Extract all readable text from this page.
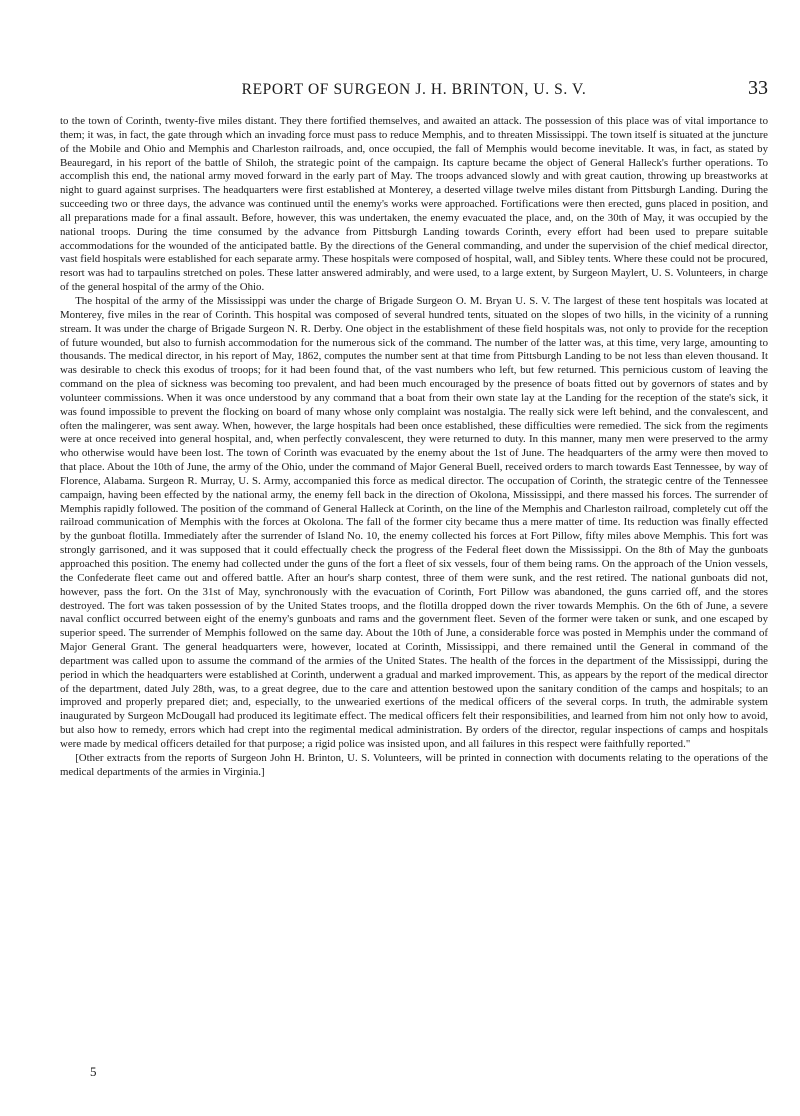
REPORT OF SURGEON J. H. BRINTON, U. S. V.	33

to the town of Corinth, twenty-five miles distant. They there fortified themselves, and awaited an attack. The possession of this place was of vital importance to them; it was, in fact, the gate through which an invading force must pass to reduce Memphis, and to threaten Mississippi. The town itself is situated at the juncture of the Mobile and Ohio and Memphis and Charleston railroads, and, once occupied, the fall of Memphis would become inevitable. It was, in fact, as stated by Beauregard, in his report of the battle of Shiloh, the strategic point of the campaign. Its capture became the object of General Halleck's further operations. To accomplish this end, the national army moved forward in the early part of May. The troops advanced slowly and with great caution, throwing up breastworks at night to guard against surprises. The headquarters were first established at Monterey, a deserted village twelve miles distant from Pittsburgh Landing. During the succeeding two or three days, the advance was continued until the enemy's works were approached. Fortifications were then erected, guns placed in position, and all preparations made for a final assault. Before, however, this was undertaken, the enemy evacuated the place, and, on the 30th of May, it was occupied by the national troops. During the time consumed by the advance from Pittsburgh Landing towards Corinth, every effort had been used to prepare suitable accommodations for the wounded of the anticipated battle. By the directions of the General commanding, and under the supervision of the chief medical director, vast field hospitals were established for each separate army. These hospitals were composed of hospital, wall, and Sibley tents. Where these could not be procured, resort was had to tarpaulins stretched on poles. These latter answered admirably, and were used, to a large extent, by Surgeon Maylert, U. S. Volunteers, in charge of the general hospital of the army of the Ohio.

The hospital of the army of the Mississippi was under the charge of Brigade Surgeon O. M. Bryan U. S. V. The largest of these tent hospitals was located at Monterey, five miles in the rear of Corinth. This hospital was composed of several hundred tents, situated on the slopes of two hills, in the vicinity of a running stream. It was under the charge of Brigade Surgeon N. R. Derby. One object in the establishment of these field hospitals was, not only to provide for the reception of future wounded, but also to furnish accommodation for the numerous sick of the command. The number of the latter was, at this time, very large, amounting to thousands. The medical director, in his report of May, 1862, computes the number sent at that time from Pittsburgh Landing to be not less than eleven thousand. It was desirable to check this exodus of troops; for it had been found that, of the vast numbers who left, but few returned. This pernicious custom of leaving the command on the plea of sickness was becoming too prevalent, and had been much encouraged by the presence of boats fitted out by governors of states and by volunteer commissions. When it was once understood by any command that a boat from their own state lay at the Landing for the reception of the state's sick, it was found impossible to prevent the flocking on board of many whose only complaint was nostalgia. The really sick were left behind, and the convalescent, and often the malingerer, was sent away. When, however, the large hospitals had been once established, these difficulties were remedied. The sick from the regiments were at once received into general hospital, and, when perfectly convalescent, they were returned to duty. In this manner, many men were preserved to the army who otherwise would have been lost. The town of Corinth was evacuated by the enemy about the 1st of June. The headquarters of the army were then moved to that place. About the 10th of June, the army of the Ohio, under the command of Major General Buell, received orders to march towards East Tennessee, by way of Florence, Alabama. Surgeon R. Murray, U. S. Army, accompanied this force as medical director. The occupation of Corinth, the strategic centre of the Tennessee campaign, having been effected by the national army, the enemy fell back in the direction of Okolona, Mississippi, and there massed his forces. The surrender of Memphis rapidly followed. The position of the command of General Halleck at Corinth, on the line of the Memphis and Charleston railroad, completely cut off the railroad communication of Memphis with the forces at Okolona. The fall of the former city became thus a mere matter of time. Its reduction was finally effected by the gunboat flotilla. Immediately after the surrender of Island No. 10, the enemy collected his forces at Fort Pillow, fifty miles above Memphis. This fort was strongly garrisoned, and it was supposed that it could effectually check the progress of the Federal fleet down the Mississippi. On the 8th of May the gunboats approached this position. The enemy had collected under the guns of the fort a fleet of six vessels, four of them being rams. On the approach of the Union vessels, the Confederate fleet came out and offered battle. After an hour's sharp contest, three of them were sunk, and the rest retired. The national gunboats did not, however, pass the fort. On the 31st of May, synchronously with the evacuation of Corinth, Fort Pillow was abandoned, the guns carried off, and the stores destroyed. The fort was taken possession of by the United States troops, and the flotilla dropped down the river towards Memphis. On the 6th of June, a severe naval conflict occurred between eight of the enemy's gunboats and rams and the government fleet. Seven of the former were taken or sunk, and one escaped by superior speed. The surrender of Memphis followed on the same day. About the 10th of June, a considerable force was posted in Memphis under the command of Major General Grant. The general headquarters were, however, located at Corinth, Mississippi, and there remained until the General in command of the department was called upon to assume the command of the armies of the United States. The health of the forces in the department of the Mississippi, during the period in which the headquarters were established at Corinth, underwent a gradual and marked improvement. This, as appears by the report of the medical director of the department, dated July 28th, was, to a great degree, due to the care and attention bestowed upon the sanitary condition of the camps and hospitals; to an improved and properly prepared diet; and, especially, to the unwearied exertions of the medical officers of the several corps. In truth, the admirable system inaugurated by Surgeon McDougall had produced its legitimate effect. The medical officers felt their responsibilities, and learned from him not only how to avoid, but also how to remedy, errors which had crept into the regimental medical administration. By orders of the director, regular inspections of camps and hospitals were made by medical officers detailed for that purpose; a rigid police was insisted upon, and all failures in this respect were faithfully reported."

[Other extracts from the reports of Surgeon John H. Brinton, U. S. Volunteers, will be printed in connection with documents relating to the operations of the medical departments of the armies in Virginia.]

5
